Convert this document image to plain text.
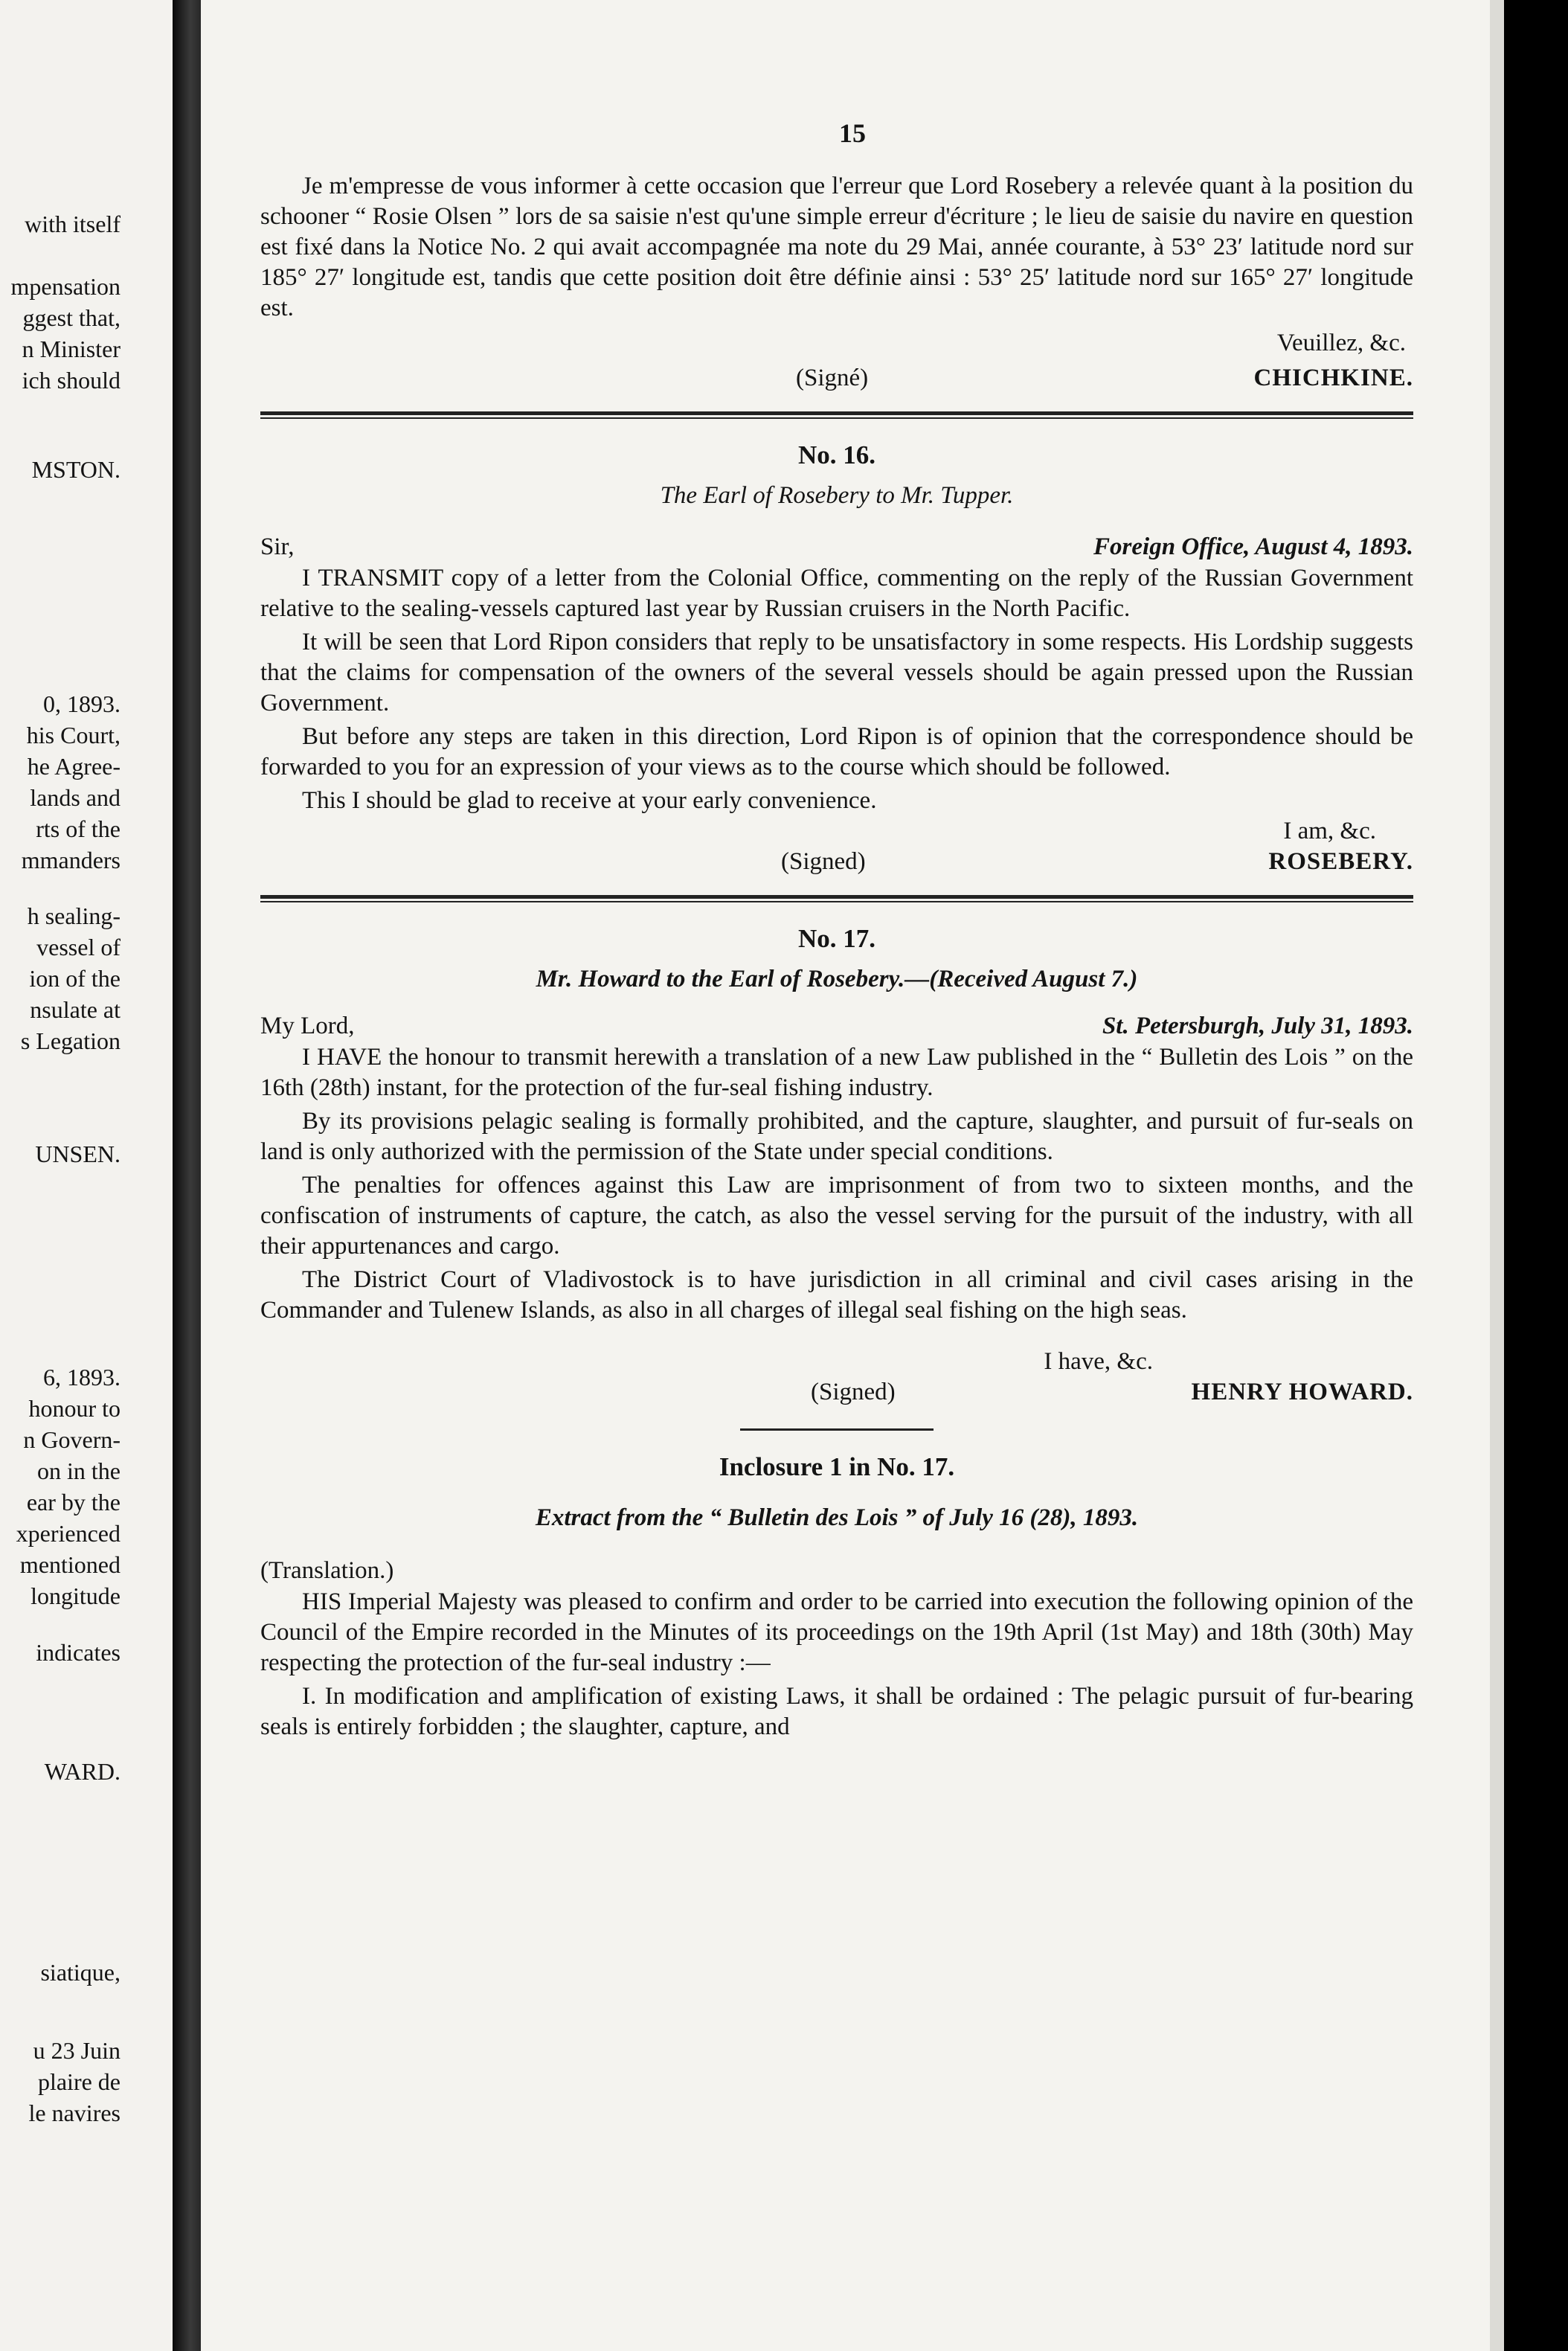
with itself
mpensation
ggest that,
n Minister
ich should
MSTON.
0, 1893.
his Court,
he Agree-
lands and
rts of the
mmanders
h sealing-
vessel of
ion of the
nsulate at
s Legation
UNSEN.
6, 1893.
honour to
n Govern-
on in the
ear by the
xperienced
mentioned
longitude
indicates
WARD.
siatique,
u 23 Juin
plaire de
le navires
15

Je m'empresse de vous informer à cette occasion que l'erreur que Lord Rosebery a relevée quant à la position du schooner “ Rosie Olsen ” lors de sa saisie n'est qu'une simple erreur d'écriture ; le lieu de saisie du navire en question est fixé dans la Notice No. 2 qui avait accompagnée ma note du 29 Mai, année courante, à 53° 23′ latitude nord sur 185° 27′ longitude est, tandis que cette position doit être définie ainsi : 53° 25′ latitude nord sur 165° 27′ longitude est.

Veuillez, &c.
(Signé)	CHICHKINE.
No. 16.
The Earl of Rosebery to Mr. Tupper.
Sir,	Foreign Office, August 4, 1893.

I TRANSMIT copy of a letter from the Colonial Office, commenting on the reply of the Russian Government relative to the sealing-vessels captured last year by Russian cruisers in the North Pacific.

It will be seen that Lord Ripon considers that reply to be unsatisfactory in some respects. His Lordship suggests that the claims for compensation of the owners of the several vessels should be again pressed upon the Russian Government.

But before any steps are taken in this direction, Lord Ripon is of opinion that the correspondence should be forwarded to you for an expression of your views as to the course which should be followed.

This I should be glad to receive at your early convenience.

I am, &c.
(Signed)	ROSEBERY.
No. 17.
Mr. Howard to the Earl of Rosebery.—(Received August 7.)
My Lord,	St. Petersburgh, July 31, 1893.

I HAVE the honour to transmit herewith a translation of a new Law published in the “ Bulletin des Lois ” on the 16th (28th) instant, for the protection of the fur-seal fishing industry.

By its provisions pelagic sealing is formally prohibited, and the capture, slaughter, and pursuit of fur-seals on land is only authorized with the permission of the State under special conditions.

The penalties for offences against this Law are imprisonment of from two to sixteen months, and the confiscation of instruments of capture, the catch, as also the vessel serving for the pursuit of the industry, with all their appurtenances and cargo.

The District Court of Vladivostock is to have jurisdiction in all criminal and civil cases arising in the Commander and Tulenew Islands, as also in all charges of illegal seal fishing on the high seas.

I have, &c.
(Signed)	HENRY HOWARD.
Inclosure 1 in No. 17.
Extract from the “ Bulletin des Lois ” of July 16 (28), 1893.
(Translation.)

HIS Imperial Majesty was pleased to confirm and order to be carried into execution the following opinion of the Council of the Empire recorded in the Minutes of its proceedings on the 19th April (1st May) and 18th (30th) May respecting the protection of the fur-seal industry :—

I. In modification and amplification of existing Laws, it shall be ordained : The pelagic pursuit of fur-bearing seals is entirely forbidden ; the slaughter, capture, and
